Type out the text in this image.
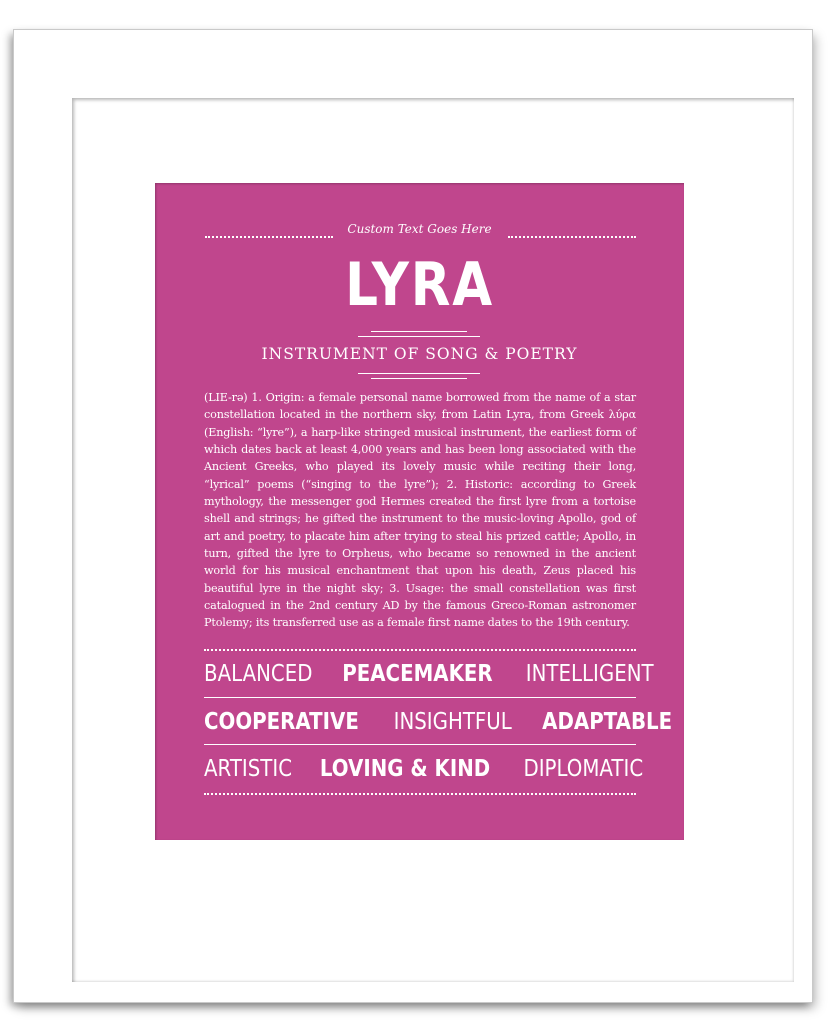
Custom Text Goes Here
LYRA
INSTRUMENT OF SONG & POETRY
(LIE-rə) 1. Origin: a female personal name borrowed from the name of a star constellation located in the northern sky, from Latin Lyra, from Greek λύρα (English: “lyre”), a harp-like stringed musical instrument, the earliest form of which dates back at least 4,000 years and has been long associated with the Ancient Greeks, who played its lovely music while reciting their long, “lyrical” poems (“singing to the lyre”); 2. Historic: according to Greek mythology, the messenger god Hermes created the first lyre from a tortoise shell and strings; he gifted the instrument to the music-loving Apollo, god of art and poetry, to placate him after trying to steal his prized cattle; Apollo, in turn, gifted the lyre to Orpheus, who became so renowned in the ancient world for his musical enchantment that upon his death, Zeus placed his beautiful lyre in the night sky; 3. Usage: the small constellation was first catalogued in the 2nd century AD by the famous Greco-Roman astronomer Ptolemy; its transferred use as a female first name dates to the 19th century.
BALANCED PEACEMAKER INTELLIGENT
COOPERATIVE INSIGHTFUL ADAPTABLE
ARTISTIC LOVING & KIND DIPLOMATIC
